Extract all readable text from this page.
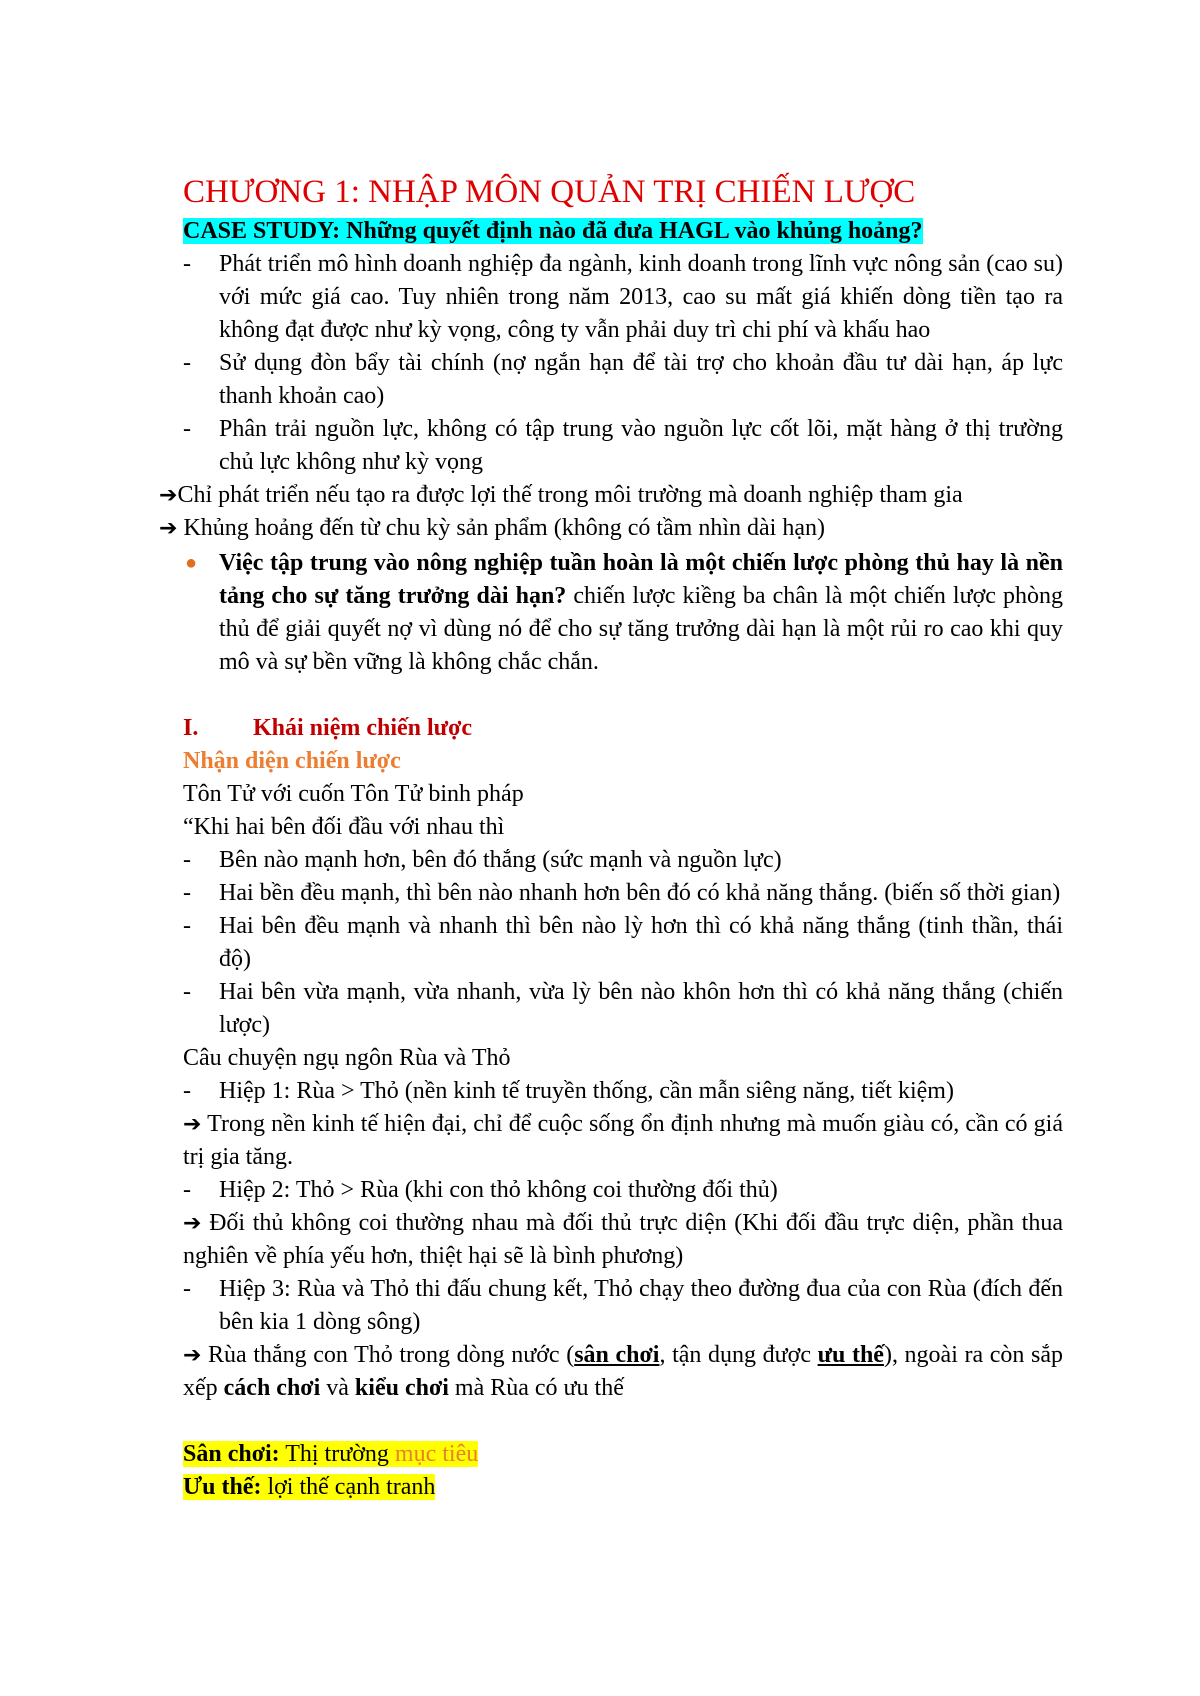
CHƯƠNG 1: NHẬP MÔN QUẢN TRỊ CHIẾN LƯỢC

CASE STUDY: Những quyết định nào đã đưa HAGL vào khủng hoảng?

-	Phát triển mô hình doanh nghiệp đa ngành, kinh doanh trong lĩnh vực nông sản (cao su) với mức giá cao. Tuy nhiên trong năm 2013, cao su mất giá khiến dòng tiền tạo ra không đạt được như kỳ vọng, công ty vẫn phải duy trì chi phí và khấu hao
-	Sử dụng đòn bẩy tài chính (nợ ngắn hạn để tài trợ cho khoản đầu tư dài hạn, áp lực thanh khoản cao)
-	Phân trải nguồn lực, không có tập trung vào nguồn lực cốt lõi, mặt hàng ở thị trường chủ lực không như kỳ vọng

➔Chỉ phát triển nếu tạo ra được lợi thế trong môi trường mà doanh nghiệp tham gia

➔ Khủng hoảng đến từ chu kỳ sản phẩm (không có tầm nhìn dài hạn)

● Việc tập trung vào nông nghiệp tuần hoàn là một chiến lược phòng thủ hay là nền tảng cho sự tăng trưởng dài hạn? chiến lược kiềng ba chân là một chiến lược phòng thủ để giải quyết nợ vì dùng nó để cho sự tăng trưởng dài hạn là một rủi ro cao khi quy mô và sự bền vững là không chắc chắn.
I.	Khái niệm chiến lược

Nhận diện chiến lược

Tôn Tử với cuốn Tôn Tử binh pháp

“Khi hai bên đối đầu với nhau thì

-	Bên nào mạnh hơn, bên đó thắng (sức mạnh và nguồn lực)
-	Hai bền đều mạnh, thì bên nào nhanh hơn bên đó có khả năng thắng. (biến số thời gian)
-	Hai bên đều mạnh và nhanh thì bên nào lỳ hơn thì có khả năng thắng (tinh thần, thái độ)
-	Hai bên vừa mạnh, vừa nhanh, vừa lỳ bên nào khôn hơn thì có khả năng thắng (chiến lược)

Câu chuyện ngụ ngôn Rùa và Thỏ

-	Hiệp 1: Rùa > Thỏ (nền kinh tế truyền thống, cần mẫn siêng năng, tiết kiệm)

➔ Trong nền kinh tế hiện đại, chỉ để cuộc sống ổn định nhưng mà muốn giàu có, cần có giá trị gia tăng.

-	Hiệp 2: Thỏ > Rùa (khi con thỏ không coi thường đối thủ)

➔ Đối thủ không coi thường nhau mà đối thủ trực diện (Khi đối đầu trực diện, phần thua nghiên về phía yếu hơn, thiệt hại sẽ là bình phương)

-	Hiệp 3: Rùa và Thỏ thi đấu chung kết, Thỏ chạy theo đường đua của con Rùa (đích đến bên kia 1 dòng sông)

➔ Rùa thắng con Thỏ trong dòng nước (sân chơi, tận dụng được ưu thế), ngoài ra còn sắp xếp cách chơi và kiểu chơi mà Rùa có ưu thế

Sân chơi: Thị trường mục tiêu

Ưu thế: lợi thế cạnh tranh
